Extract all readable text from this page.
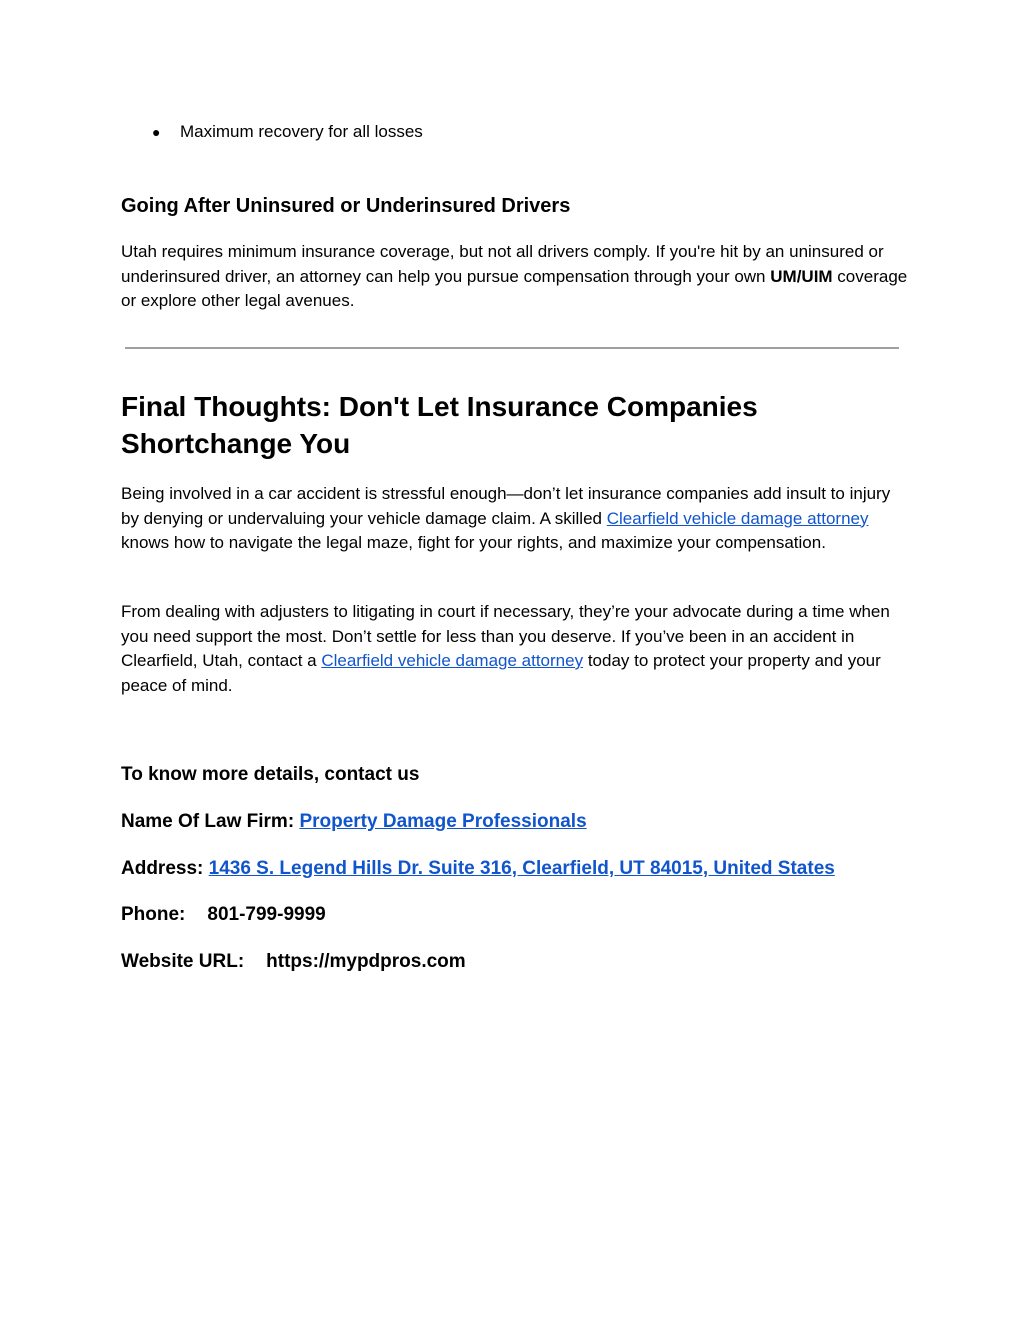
● Maximum recovery for all losses
Going After Uninsured or Underinsured Drivers

Utah requires minimum insurance coverage, but not all drivers comply. If you're hit by an uninsured or underinsured driver, an attorney can help you pursue compensation through your own UM/UIM coverage or explore other legal avenues.

Final Thoughts: Don't Let Insurance Companies Shortchange You

Being involved in a car accident is stressful enough—don’t let insurance companies add insult to injury by denying or undervaluing your vehicle damage claim. A skilled Clearfield vehicle damage attorney knows how to navigate the legal maze, fight for your rights, and maximize your compensation.

From dealing with adjusters to litigating in court if necessary, they’re your advocate during a time when you need support the most. Don’t settle for less than you deserve. If you’ve been in an accident in Clearfield, Utah, contact a Clearfield vehicle damage attorney today to protect your property and your peace of mind.

To know more details, contact us
Name Of Law Firm: Property Damage Professionals
Address: 1436 S. Legend Hills Dr. Suite 316, Clearfield, UT 84015, United States
Phone: 801-799-9999
Website URL: https://mypdpros.com
